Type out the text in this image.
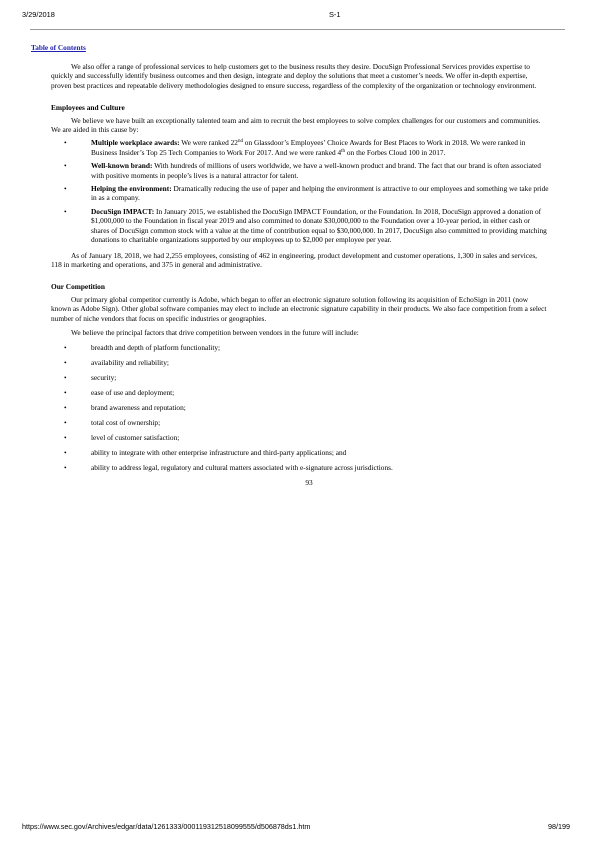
3/29/2018	S-1
Table of Contents

We also offer a range of professional services to help customers get to the business results they desire. DocuSign Professional Services provides expertise to quickly and successfully identify business outcomes and then design, integrate and deploy the solutions that meet a customer’s needs. We offer in-depth expertise, proven best practices and repeatable delivery methodologies designed to ensure success, regardless of the complexity of the organization or technology environment.

Employees and Culture

We believe we have built an exceptionally talented team and aim to recruit the best employees to solve complex challenges for our customers and communities. We are aided in this cause by:

•	Multiple workplace awards: We were ranked 22nd on Glassdoor’s Employees’ Choice Awards for Best Places to Work in 2018. We were ranked in Business Insider’s Top 25 Tech Companies to Work For 2017. And we were ranked 4th on the Forbes Cloud 100 in 2017.
•	Well-known brand: With hundreds of millions of users worldwide, we have a well-known product and brand. The fact that our brand is often associated with positive moments in people’s lives is a natural attractor for talent.
•	Helping the environment: Dramatically reducing the use of paper and helping the environment is attractive to our employees and something we take pride in as a company.
•	DocuSign IMPACT: In January 2015, we established the DocuSign IMPACT Foundation, or the Foundation. In 2018, DocuSign approved a donation of $1,000,000 to the Foundation in fiscal year 2019 and also committed to donate $30,000,000 to the Foundation over a 10-year period, in either cash or shares of DocuSign common stock with a value at the time of contribution equal to $30,000,000. In 2017, DocuSign also committed to providing matching donations to charitable organizations supported by our employees up to $2,000 per employee per year.

As of January 18, 2018, we had 2,255 employees, consisting of 462 in engineering, product development and customer operations, 1,300 in sales and services, 118 in marketing and operations, and 375 in general and administrative.

Our Competition

Our primary global competitor currently is Adobe, which began to offer an electronic signature solution following its acquisition of EchoSign in 2011 (now known as Adobe Sign). Other global software companies may elect to include an electronic signature capability in their products. We also face competition from a select number of niche vendors that focus on specific industries or geographies.

We believe the principal factors that drive competition between vendors in the future will include:

•	breadth and depth of platform functionality;
•	availability and reliability;
•	security;
•	ease of use and deployment;
•	brand awareness and reputation;
•	total cost of ownership;
•	level of customer satisfaction;
•	ability to integrate with other enterprise infrastructure and third-party applications; and
•	ability to address legal, regulatory and cultural matters associated with e-signature across jurisdictions.

93

https://www.sec.gov/Archives/edgar/data/1261333/000119312518099555/d506878ds1.htm	98/199
